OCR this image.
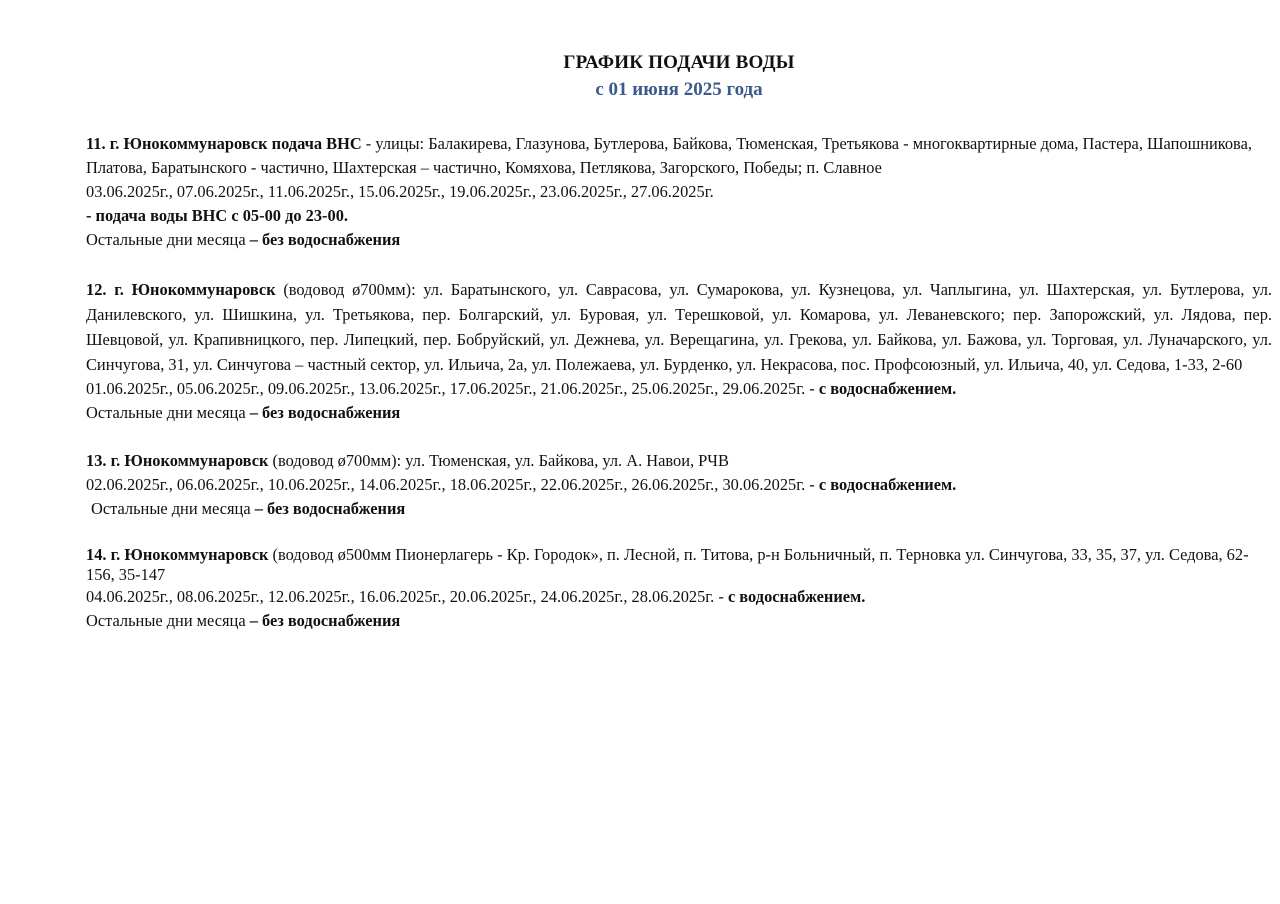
ГРАФИК ПОДАЧИ ВОДЫ

с 01 июня 2025 года

11. г. Юнокоммунаровск подача ВНС - улицы: Балакирева, Глазунова, Бутлерова, Байкова, Тюменская, Третьякова - многоквартирные дома, Пастера, Шапошникова, Платова, Баратынского - частично, Шахтерская – частично, Комяхова, Петлякова, Загорского, Победы; п. Славное

03.06.2025г., 07.06.2025г., 11.06.2025г., 15.06.2025г., 19.06.2025г., 23.06.2025г., 27.06.2025г.

- подача воды ВНС с 05-00 до 23-00.

Остальные дни месяца – без водоснабжения

12. г. Юнокоммунаровск (водовод ø700мм): ул. Баратынского, ул. Саврасова, ул. Сумарокова, ул. Кузнецова, ул. Чаплыгина, ул. Шахтерская, ул. Бутлерова, ул. Данилевского, ул. Шишкина, ул. Третьякова, пер. Болгарский, ул. Буровая, ул. Терешковой, ул. Комарова, ул. Леваневского; пер. Запорожский, ул. Лядова, пер. Шевцовой, ул. Крапивницкого, пер. Липецкий, пер. Бобруйский, ул. Дежнева, ул. Верещагина, ул. Грекова, ул. Байкова, ул. Бажова, ул. Торговая, ул. Луначарского, ул. Синчугова, 31, ул. Синчугова – частный сектор, ул. Ильича, 2а, ул. Полежаева, ул. Бурденко, ул. Некрасова, пос. Профсоюзный, ул. Ильича, 40, ул. Седова, 1-33, 2-60

01.06.2025г., 05.06.2025г., 09.06.2025г., 13.06.2025г., 17.06.2025г., 21.06.2025г., 25.06.2025г., 29.06.2025г. - с водоснабжением.

Остальные дни месяца – без водоснабжения

13. г. Юнокоммунаровск (водовод ø700мм): ул. Тюменская, ул. Байкова, ул. А. Навои, РЧВ

02.06.2025г., 06.06.2025г., 10.06.2025г., 14.06.2025г., 18.06.2025г., 22.06.2025г., 26.06.2025г., 30.06.2025г. - с водоснабжением.

Остальные дни месяца – без водоснабжения

14. г. Юнокоммунаровск (водовод ø500мм Пионерлагерь - Кр. Городок», п. Лесной, п. Титова, р-н Больничный, п. Терновка ул. Синчугова, 33, 35, 37, ул. Седова, 62-156, 35-147

04.06.2025г., 08.06.2025г., 12.06.2025г., 16.06.2025г., 20.06.2025г., 24.06.2025г., 28.06.2025г. - с водоснабжением.

Остальные дни месяца – без водоснабжения
